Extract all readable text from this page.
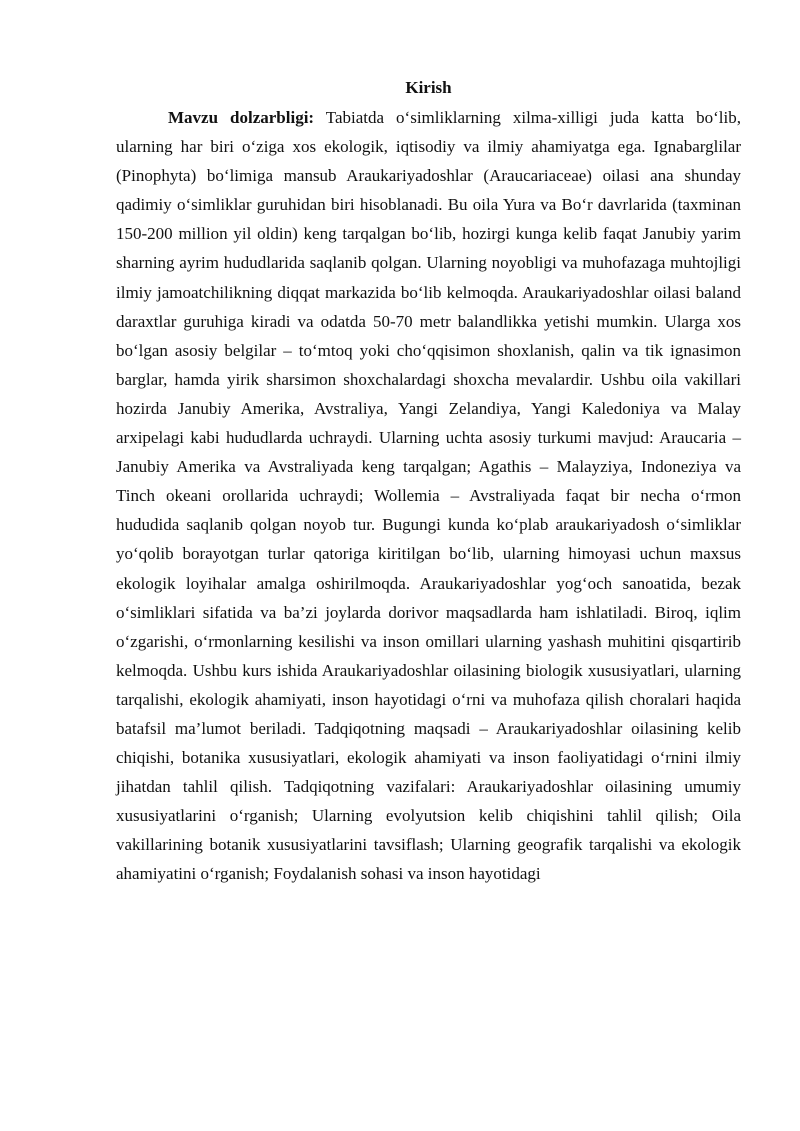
Kirish

Mavzu dolzarbligi: Tabiatda o‘simliklarning xilma-xilligi juda katta bo‘lib, ularning har biri o‘ziga xos ekologik, iqtisodiy va ilmiy ahamiyatga ega. Ignabarglilar (Pinophyta) bo‘limiga mansub Araukariyadoshlar (Araucariaceae) oilasi ana shunday qadimiy o‘simliklar guruhidan biri hisoblanadi. Bu oila Yura va Bo‘r davrlarida (taxminan 150-200 million yil oldin) keng tarqalgan bo‘lib, hozirgi kunga kelib faqat Janubiy yarim sharning ayrim hududlarida saqlanib qolgan. Ularning noyobligi va muhofazaga muhtojligi ilmiy jamoatchilikning diqqat markazida bo‘lib kelmoqda. Araukariyadoshlar oilasi baland daraxtlar guruhiga kiradi va odatda 50-70 metr balandlikka yetishi mumkin. Ularga xos bo‘lgan asosiy belgilar – to‘mtoq yoki cho‘qqisimon shoxlanish, qalin va tik ignasimon barglar, hamda yirik sharsimon shoxchalardagi shoxcha mevalardir. Ushbu oila vakillari hozirda Janubiy Amerika, Avstraliya, Yangi Zelandiya, Yangi Kaledoniya va Malay arxipelagi kabi hududlarda uchraydi. Ularning uchta asosiy turkumi mavjud: Araucaria – Janubiy Amerika va Avstraliyada keng tarqalgan; Agathis – Malayziya, Indoneziya va Tinch okeani orollarida uchraydi; Wollemia – Avstraliyada faqat bir necha o‘rmon hududida saqlanib qolgan noyob tur. Bugungi kunda ko‘plab araukariyadosh o‘simliklar yo‘qolib borayotgan turlar qatoriga kiritilgan bo‘lib, ularning himoyasi uchun maxsus ekologik loyihalar amalga oshirilmoqda. Araukariyadoshlar yog‘och sanoatida, bezak o‘simliklari sifatida va ba’zi joylarda dorivor maqsadlarda ham ishlatiladi. Biroq, iqlim o‘zgarishi, o‘rmonlarning kesilishi va inson omillari ularning yashash muhitini qisqartirib kelmoqda. Ushbu kurs ishida Araukariyadoshlar oilasining biologik xususiyatlari, ularning tarqalishi, ekologik ahamiyati, inson hayotidagi o‘rni va muhofaza qilish choralari haqida batafsil ma’lumot beriladi. Tadqiqotning maqsadi – Araukariyadoshlar oilasining kelib chiqishi, botanika xususiyatlari, ekologik ahamiyati va inson faoliyatidagi o‘rnini ilmiy jihatdan tahlil qilish. Tadqiqotning vazifalari: Araukariyadoshlar oilasining umumiy xususiyatlarini o‘rganish; Ularning evolyutsion kelib chiqishini tahlil qilish; Oila vakillarining botanik xususiyatlarini tavsiflash; Ularning geografik tarqalishi va ekologik ahamiyatini o‘rganish; Foydalanish sohasi va inson hayotidagi
